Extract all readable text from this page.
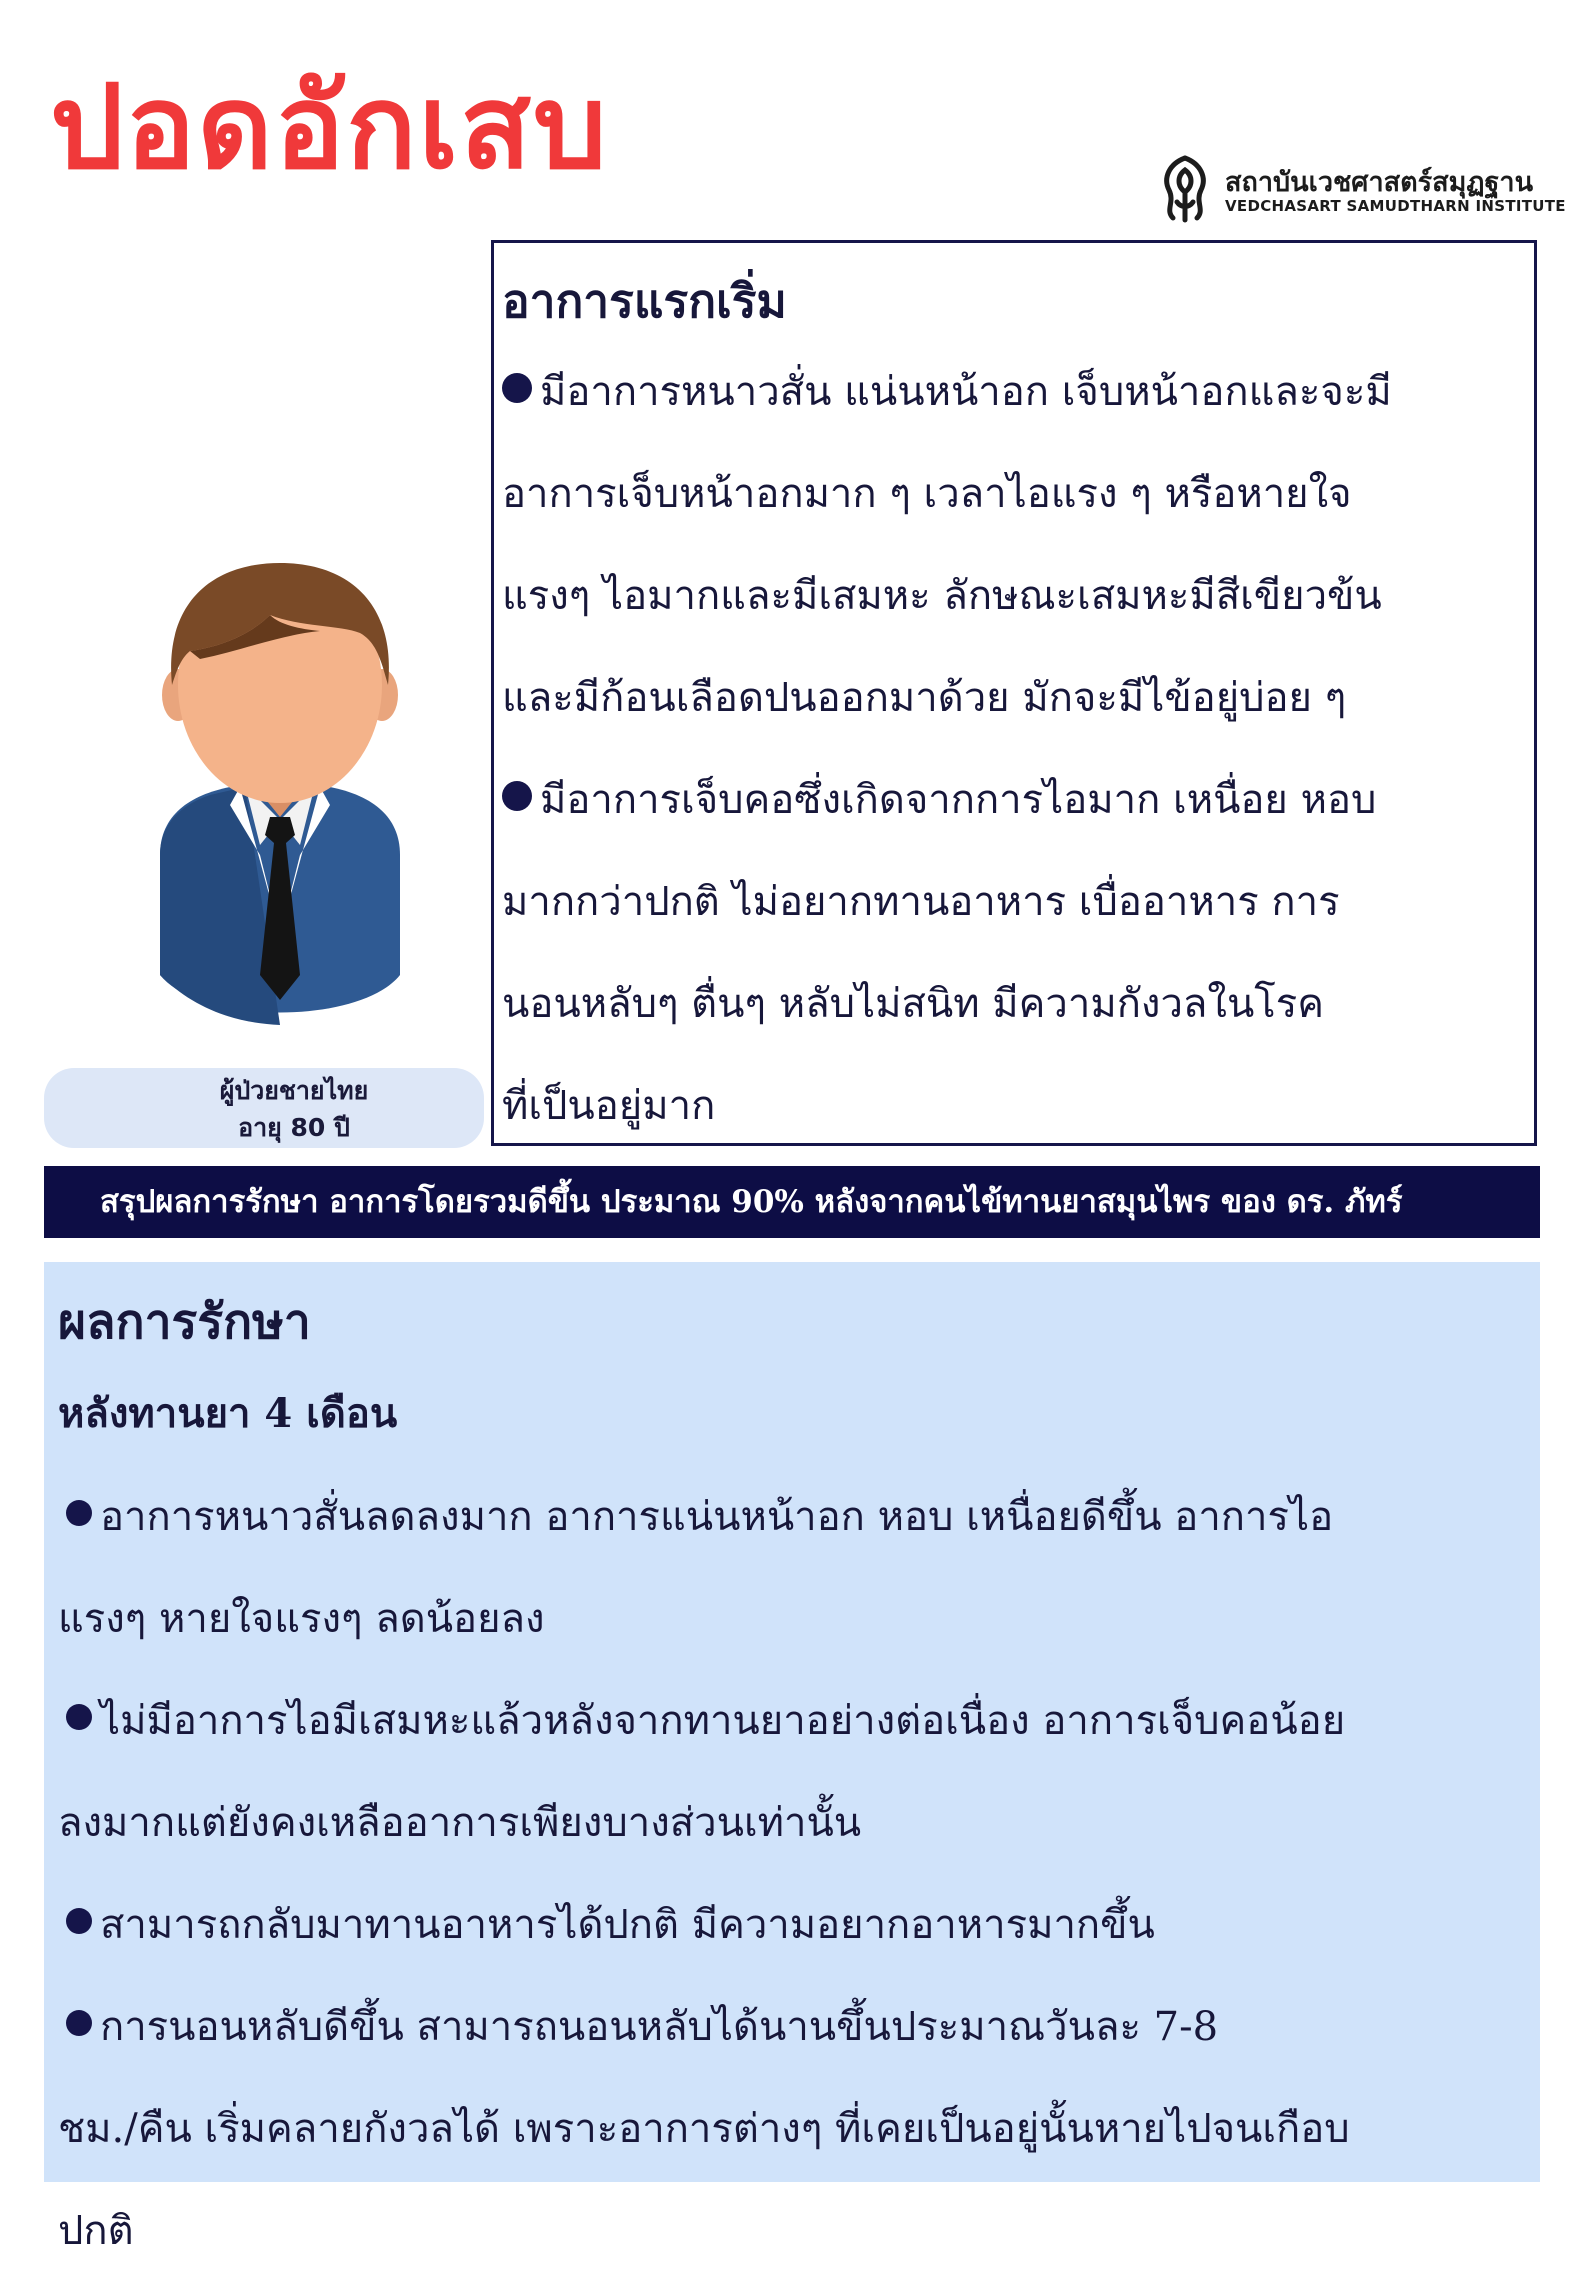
ปอดอักเสบ	สถาบันเวชศาสตร์สมุฏฐาน
VEDCHASART SAMUDTHARN INSTITUTE
อาการแรกเริ่ม
มีอาการหนาวสั่น แน่นหน้าอก เจ็บหน้าอกและจะมี
อาการเจ็บหน้าอกมาก ๆ เวลาไอแรง ๆ หรือหายใจ
แรงๆ ไอมากและมีเสมหะ ลักษณะเสมหะมีสีเขียวข้น
และมีก้อนเลือดปนออกมาด้วย มักจะมีไข้อยู่บ่อย ๆ
มีอาการเจ็บคอซึ่งเกิดจากการไอมาก เหนื่อย หอบ
มากกว่าปกติ ไม่อยากทานอาหาร เบื่ออาหาร การ
นอนหลับๆ ตื่นๆ หลับไม่สนิท มีความกังวลในโรค
ที่เป็นอยู่มาก
ผู้ป่วยชายไทย
อายุ 80 ปี
สรุปผลการรักษา อาการโดยรวมดีขึ้น ประมาณ 90% หลังจากคนไข้ทานยาสมุนไพร ของ ดร. ภัทร์
ผลการรักษา
หลังทานยา 4 เดือน
อาการหนาวสั่นลดลงมาก อาการแน่นหน้าอก หอบ เหนื่อยดีขึ้น อาการไอ
แรงๆ หายใจแรงๆ ลดน้อยลง
ไม่มีอาการไอมีเสมหะแล้วหลังจากทานยาอย่างต่อเนื่อง อาการเจ็บคอน้อย
ลงมากแต่ยังคงเหลืออาการเพียงบางส่วนเท่านั้น
สามารถกลับมาทานอาหารได้ปกติ มีความอยากอาหารมากขึ้น
การนอนหลับดีขึ้น สามารถนอนหลับได้นานขึ้นประมาณวันละ 7-8
ชม./คืน เริ่มคลายกังวลได้ เพราะอาการต่างๆ ที่เคยเป็นอยู่นั้นหายไปจนเกือบ
ปกติ
